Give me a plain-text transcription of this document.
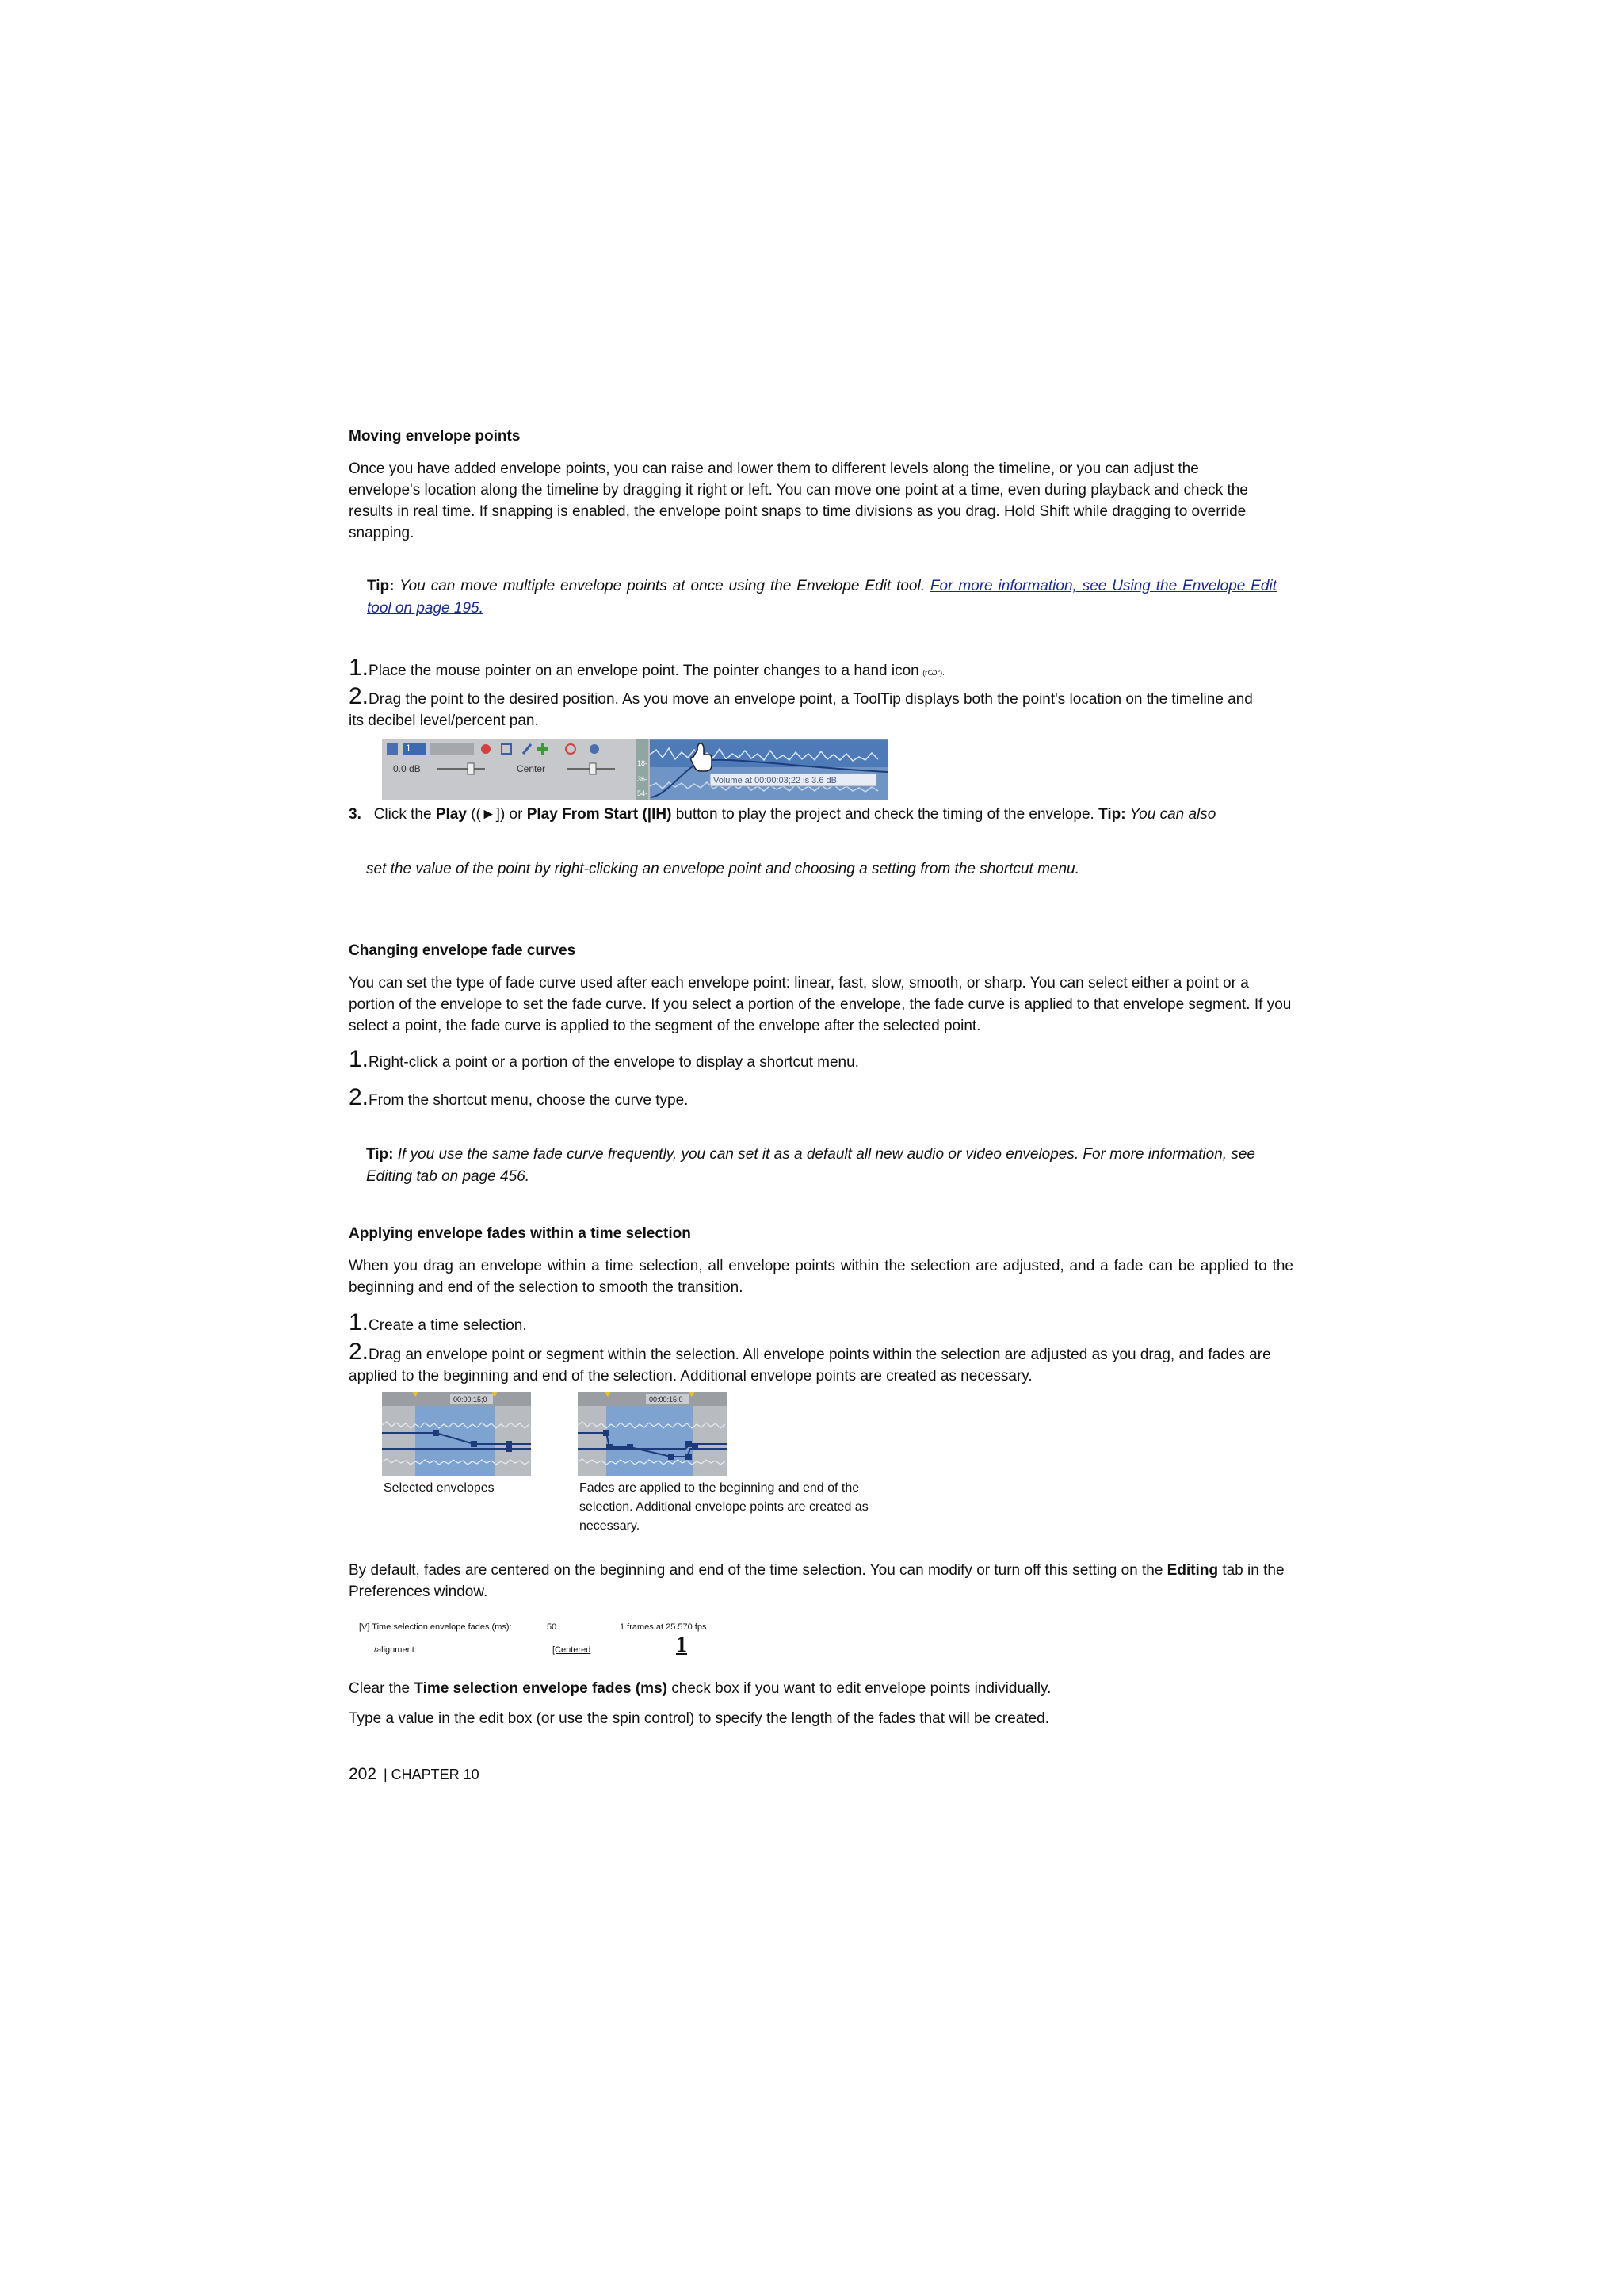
Moving envelope points
Once you have added envelope points, you can raise and lower them to different levels along the timeline, or you can adjust the envelope's location along the timeline by dragging it right or left. You can move one point at a time, even during playback and check the results in real time. If snapping is enabled, the envelope point snaps to time divisions as you drag. Hold Shift while dragging to override snapping.
Tip: You can move multiple envelope points at once using the Envelope Edit tool. For more information, see Using the Envelope Edit tool on page 195.
1.Place the mouse pointer on an envelope point. The pointer changes to a hand icon (гѠ°).
2.Drag the point to the desired position. As you move an envelope point, a ToolTip displays both the point's location on the timeline and its decibel level/percent pan.
0.0 dB	Center	18-
36-
54-
Volume at 00:00:03;22 is 3.6 dB
1
3. Click the Play ((►]) or Play From Start (|IH) button to play the project and check the timing of the envelope. Tip: You can also
set the value of the point by right-clicking an envelope point and choosing a setting from the shortcut menu.
Changing envelope fade curves
You can set the type of fade curve used after each envelope point: linear, fast, slow, smooth, or sharp. You can select either a point or a portion of the envelope to set the fade curve. If you select a portion of the envelope, the fade curve is applied to that envelope segment. If you select a point, the fade curve is applied to the segment of the envelope after the selected point.
1.Right-click a point or a portion of the envelope to display a shortcut menu.
2.From the shortcut menu, choose the curve type.
Tip: If you use the same fade curve frequently, you can set it as a default all new audio or video envelopes. For more information, see Editing tab on page 456.
Applying envelope fades within a time selection
When you drag an envelope within a time selection, all envelope points within the selection are adjusted, and a fade can be applied to the beginning and end of the selection to smooth the transition.
1.Create a time selection.
2.Drag an envelope point or segment within the selection. All envelope points within the selection are adjusted as you drag, and fades are applied to the beginning and end of the selection. Additional envelope points are created as necessary.
00:00:15;0
Selected envelopes
00:00:15;0
Fades are applied to the beginning and end of the selection. Additional envelope points are created as necessary.
By default, fades are centered on the beginning and end of the time selection. You can modify or turn off this setting on the Editing tab in the Preferences window.
[V] Time selection envelope fades (ms):	50	1 frames at 25.570 fps
/alignment:	[Centered	1
Clear the Time selection envelope fades (ms) check box if you want to edit envelope points individually.
Type a value in the edit box (or use the spin control) to specify the length of the fades that will be created.
202 | CHAPTER 10
